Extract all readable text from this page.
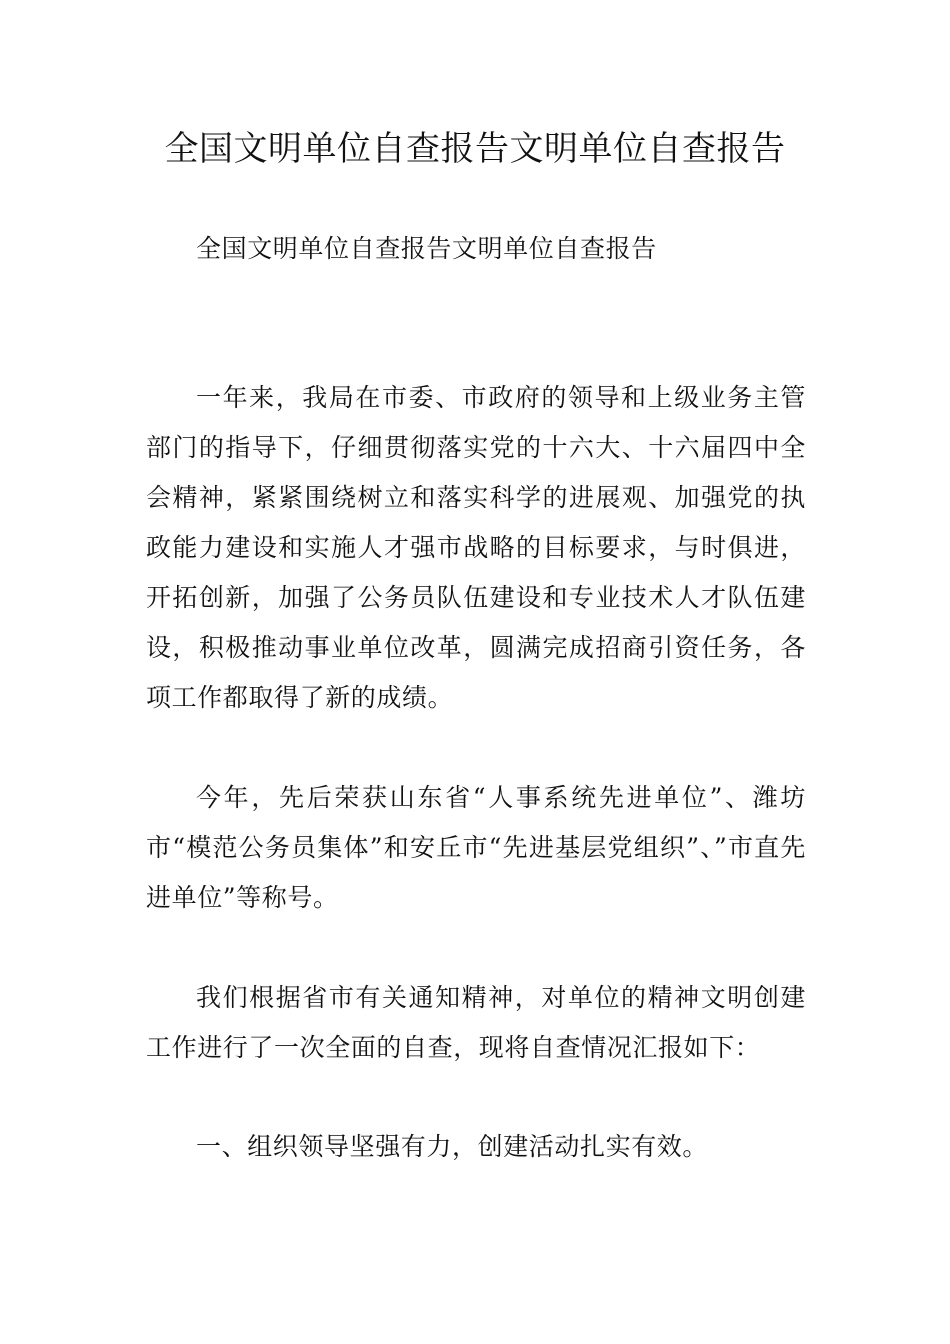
全国文明单位自查报告文明单位自查报告

全国文明单位自查报告文明单位自查报告

一年来，我局在市委、市政府的领导和上级业务主管部门的指导下，仔细贯彻落实党的十六大、十六届四中全会精神，紧紧围绕树立和落实科学的进展观、加强党的执政能力建设和实施人才强市战略的目标要求，与时俱进，开拓创新，加强了公务员队伍建设和专业技术人才队伍建设，积极推动事业单位改革，圆满完成招商引资任务，各项工作都取得了新的成绩。

今年，先后荣获山东省“人事系统先进单位”、潍坊市“模范公务员集体”和安丘市“先进基层党组织”、”市直先进单位”等称号。

我们根据省市有关通知精神，对单位的精神文明创建工作进行了一次全面的自查，现将自查情况汇报如下：

一、组织领导坚强有力，创建活动扎实有效。
